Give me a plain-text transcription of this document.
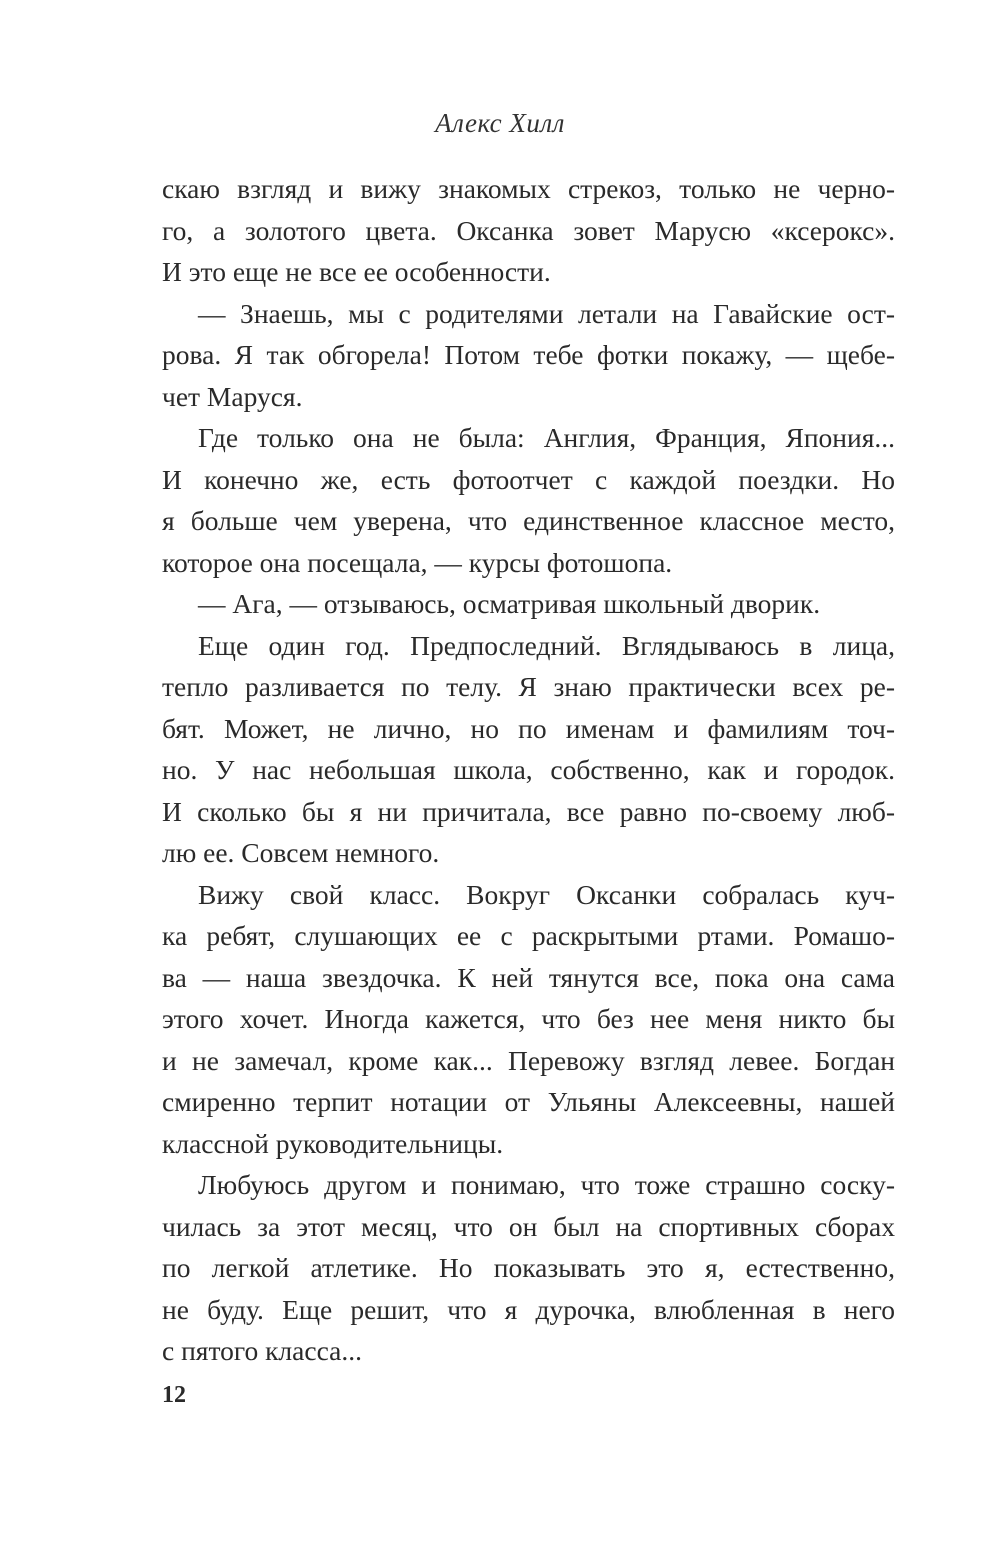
Алекс Хилл
скаю взгляд и вижу знакомых стрекоз, только не черно-
го, а золотого цвета. Оксанка зовет Марусю «ксерокс».
И это еще не все ее особенности.
— Знаешь, мы с родителями летали на Гавайские ост-
рова. Я так обгорела! Потом тебе фотки покажу, — щебе-
чет Маруся.
Где только она не была: Англия, Франция, Япония...
И конечно же, есть фотоотчет с каждой поездки. Но
я больше чем уверена, что единственное классное место,
которое она посещала, — курсы фотошопа.
— Ага, — отзываюсь, осматривая школьный дворик.
Еще один год. Предпоследний. Вглядываюсь в лица,
тепло разливается по телу. Я знаю практически всех ре-
бят. Может, не лично, но по именам и фамилиям точ-
но. У нас небольшая школа, собственно, как и городок.
И сколько бы я ни причитала, все равно по-своему люб-
лю ее. Совсем немного.
Вижу свой класс. Вокруг Оксанки собралась куч-
ка ребят, слушающих ее с раскрытыми ртами. Ромашо-
ва — наша звездочка. К ней тянутся все, пока она сама
этого хочет. Иногда кажется, что без нее меня никто бы
и не замечал, кроме как... Перевожу взгляд левее. Богдан
смиренно терпит нотации от Ульяны Алексеевны, нашей
классной руководительницы.
Любуюсь другом и понимаю, что тоже страшно соску-
чилась за этот месяц, что он был на спортивных сборах
по легкой атлетике. Но показывать это я, естественно,
не буду. Еще решит, что я дурочка, влюбленная в него
с пятого класса...
12
